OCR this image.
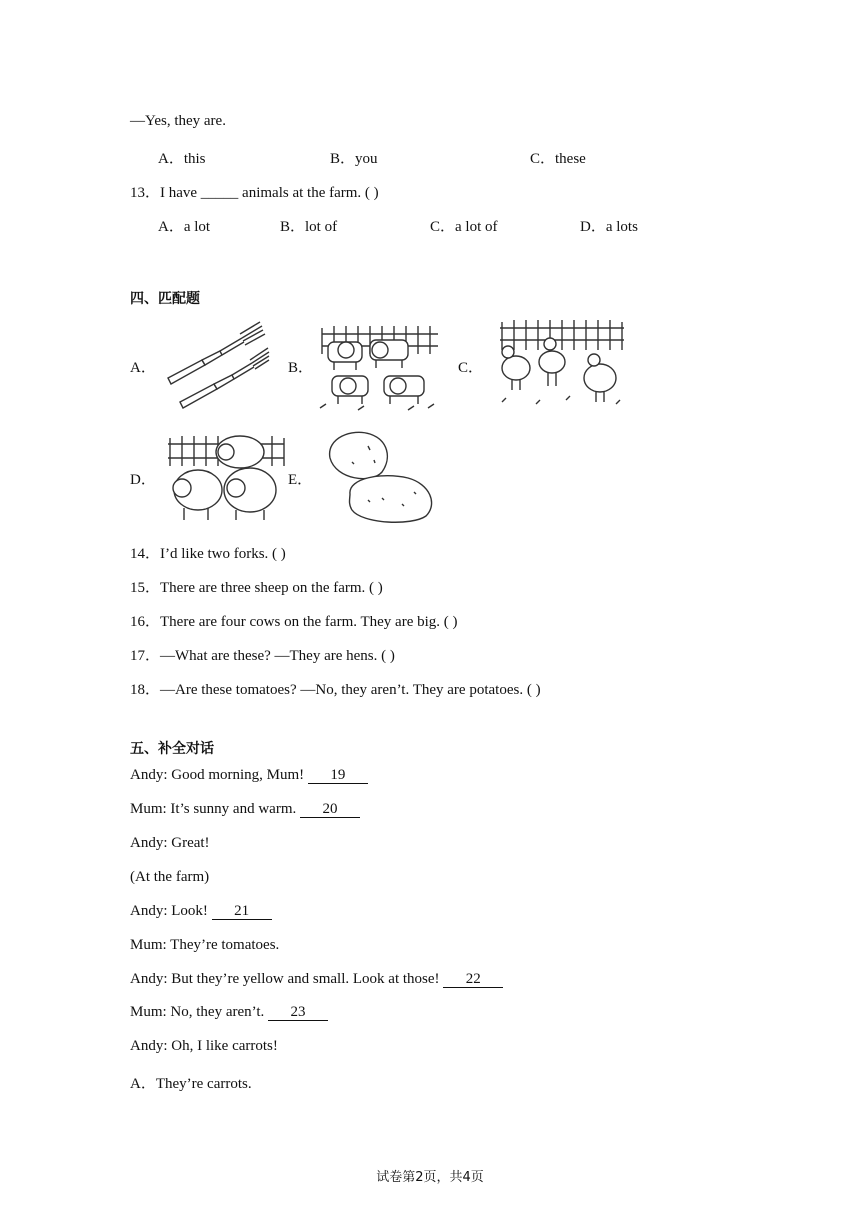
—Yes, they are.
A．this	B．you	C．these
13．I have _____ animals at the farm. ( )
A．a lot	B．lot of	C．a lot of	D．a lots
四、匹配题
A．	B．	C．
D．	E．
14．I’d like two forks. ( )
15．There are three sheep on the farm. ( )
16．There are four cows on the farm. They are big. ( )
17．—What are these? —They are hens. ( )
18．—Are these tomatoes? —No, they aren’t. They are potatoes. ( )
五、补全对话
Andy: Good morning, Mum! 19
Mum: It’s sunny and warm. 20
Andy: Great!
(At the farm)
Andy: Look! 21
Mum: They’re tomatoes.
Andy: But they’re yellow and small. Look at those! 22
Mum: No, they aren’t. 23
Andy: Oh, I like carrots!
A．They’re carrots.
试卷第2页，共4页
